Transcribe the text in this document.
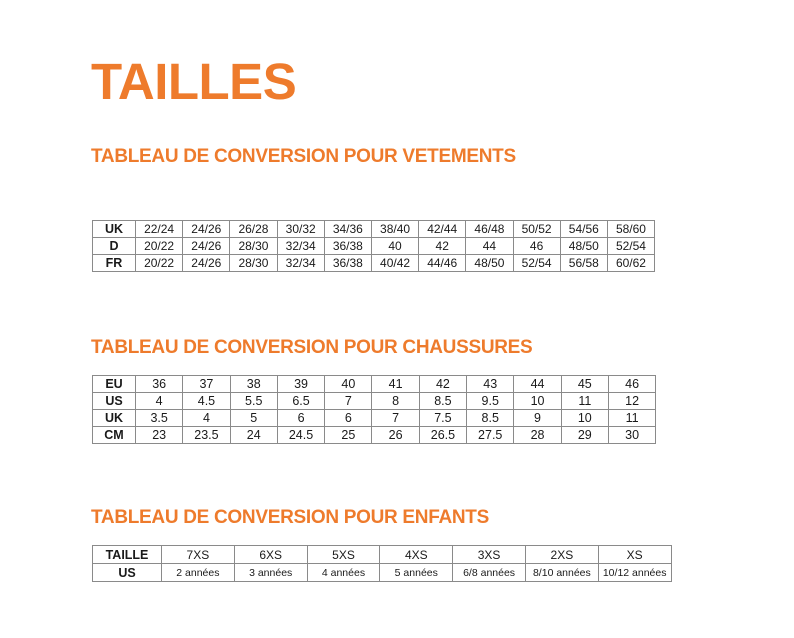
TAILLES
TABLEAU DE CONVERSION POUR VETEMENTS
UK	22/24	24/26	26/28	30/32	34/36	38/40	42/44	46/48	50/52	54/56	58/60
D	20/22	24/26	28/30	32/34	36/38	40	42	44	46	48/50	52/54
FR	20/22	24/26	28/30	32/34	36/38	40/42	44/46	48/50	52/54	56/58	60/62
TABLEAU DE CONVERSION POUR CHAUSSURES
EU	36	37	38	39	40	41	42	43	44	45	46
US	4	4.5	5.5	6.5	7	8	8.5	9.5	10	11	12
UK	3.5	4	5	6	6	7	7.5	8.5	9	10	11
CM	23	23.5	24	24.5	25	26	26.5	27.5	28	29	30
TABLEAU DE CONVERSION POUR ENFANTS
TAILLE	7XS	6XS	5XS	4XS	3XS	2XS	XS
US	2 années	3 années	4 années	5 années	6/8 années	8/10 années	10/12 années
